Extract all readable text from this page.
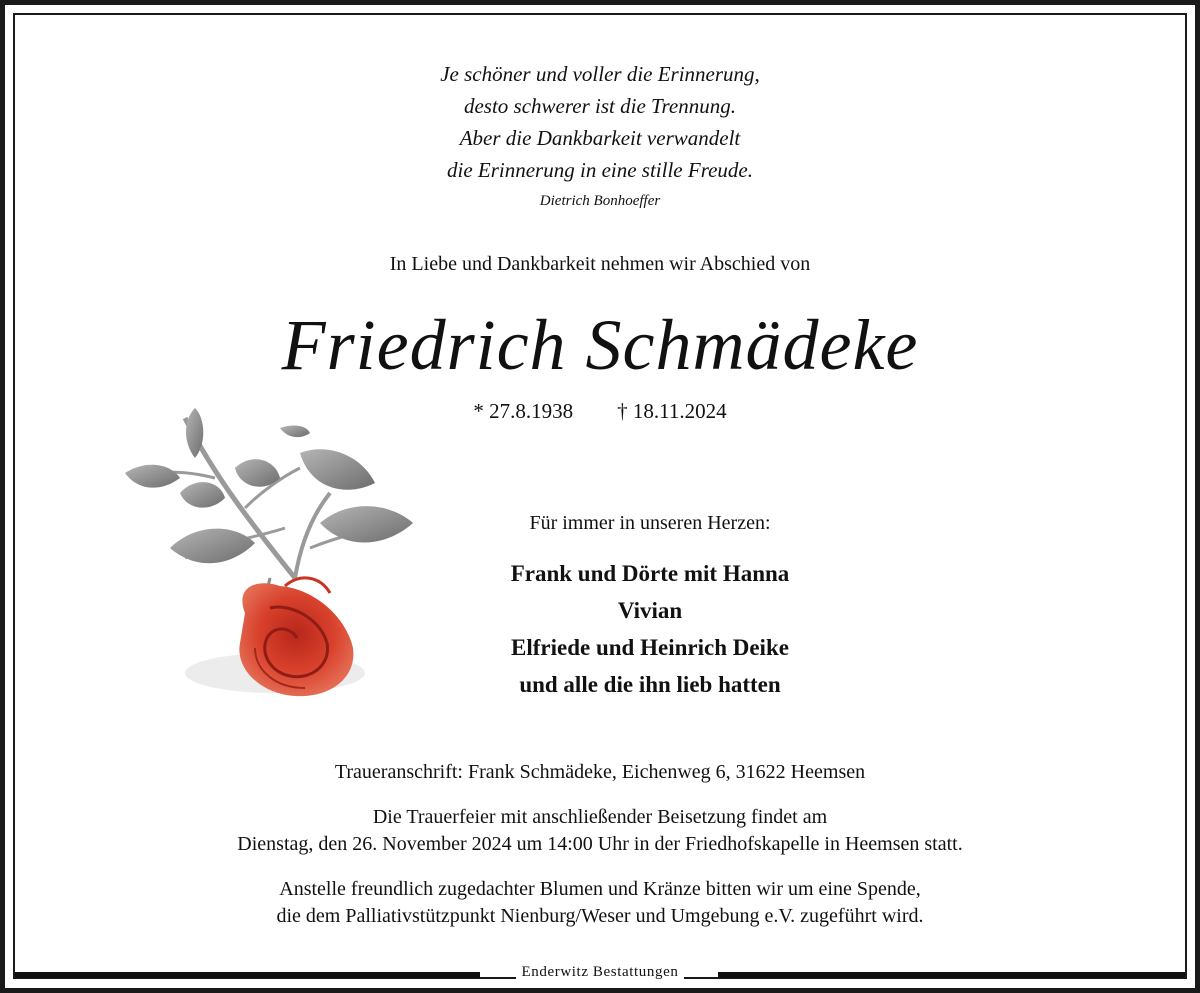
Je schöner und voller die Erinnerung,
desto schwerer ist die Trennung.
Aber die Dankbarkeit verwandelt
die Erinnerung in eine stille Freude.
Dietrich Bonhoeffer
In Liebe und Dankbarkeit nehmen wir Abschied von
Friedrich Schmädeke
* 27.8.1938 † 18.11.2024
Für immer in unseren Herzen:
Frank und Dörte mit Hanna
Vivian
Elfriede und Heinrich Deike
und alle die ihn lieb hatten
Traueranschrift: Frank Schmädeke, Eichenweg 6, 31622 Heemsen
Die Trauerfeier mit anschließender Beisetzung findet am
Dienstag, den 26. November 2024 um 14:00 Uhr in der Friedhofskapelle in Heemsen statt.
Anstelle freundlich zugedachter Blumen und Kränze bitten wir um eine Spende,
die dem Palliativstützpunkt Nienburg/Weser und Umgebung e.V. zugeführt wird.
Enderwitz Bestattungen
